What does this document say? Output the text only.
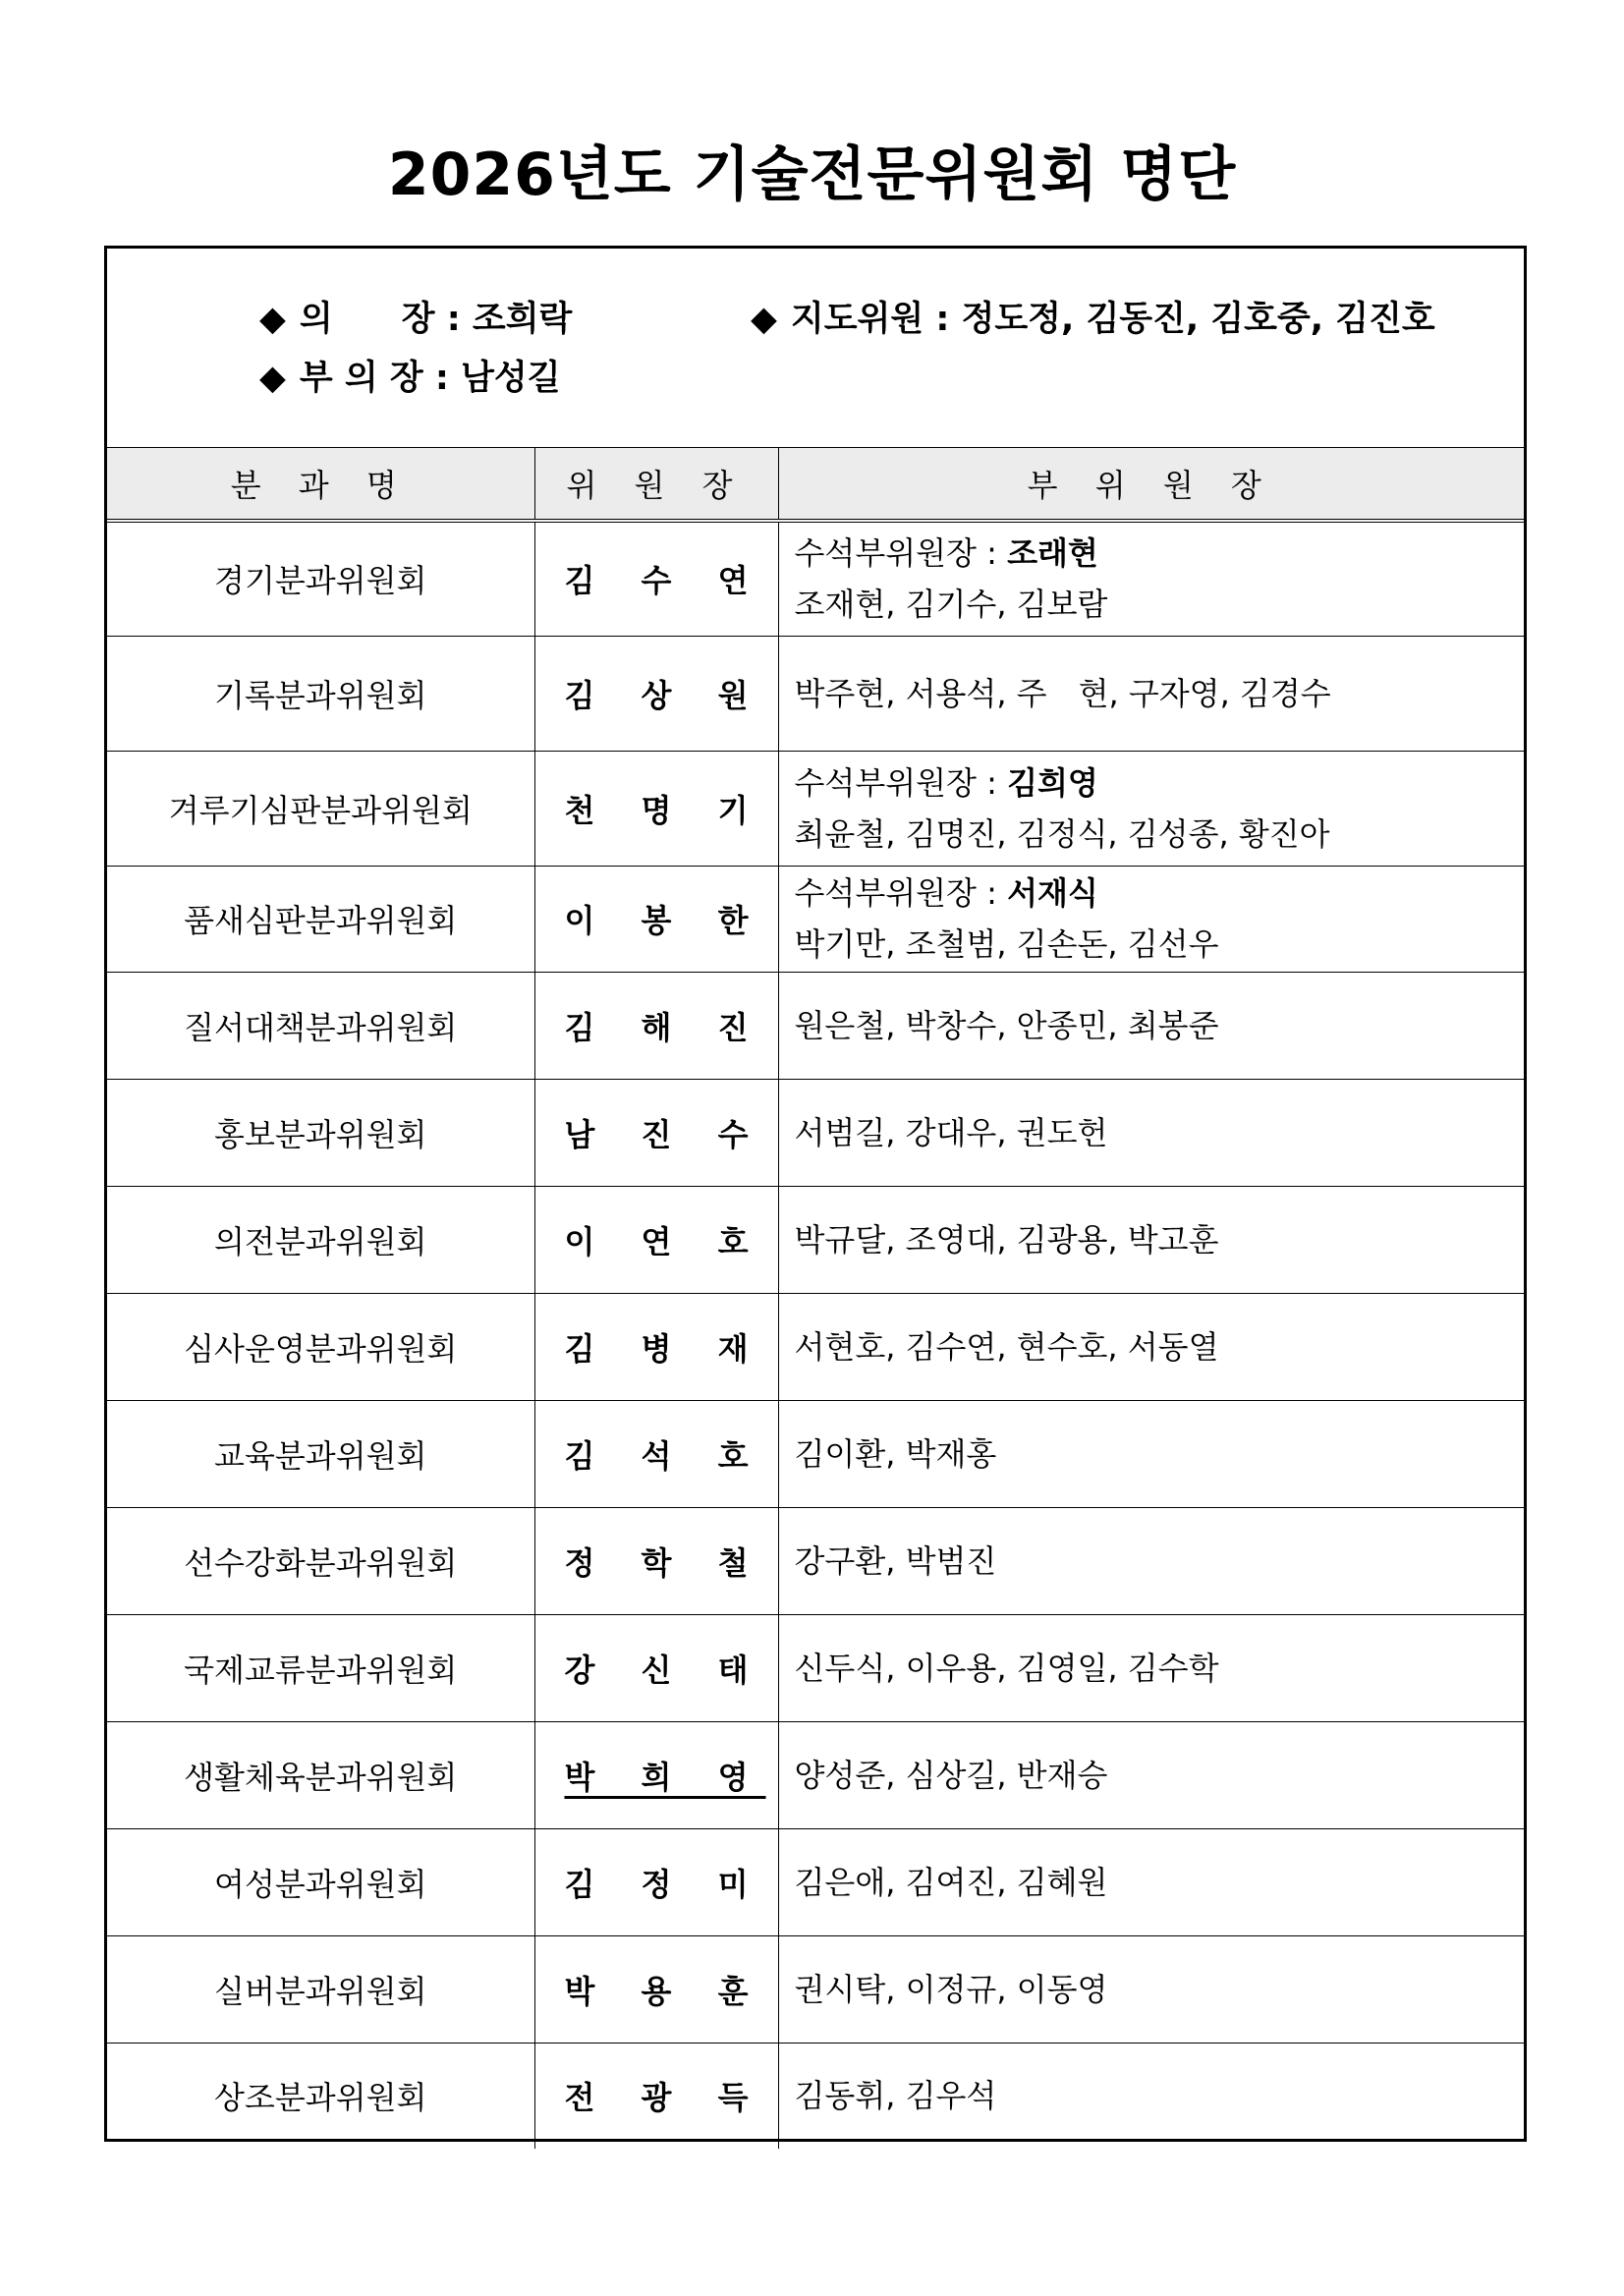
2026년도 기술전문위원회 명단
◆ 의　　장 : 조희락	◆ 지도위원 : 정도정, 김동진, 김호중, 김진호
◆ 부 의 장 : 남성길
분 과 명	위 원 장	부 위 원 장
경기분과위원회	김 수 연	수석부위원장 : 조래현
조재현, 김기수, 김보람

기록분과위원회	김 상 원	박주현, 서용석, 주　현, 구자영, 김경수

겨루기심판분과위원회	천 명 기	수석부위원장 : 김희영
최윤철, 김명진, 김정식, 김성종, 황진아

품새심판분과위원회	이 봉 한	수석부위원장 : 서재식
박기만, 조철범, 김손돈, 김선우

질서대책분과위원회	김 해 진	원은철, 박창수, 안종민, 최봉준

홍보분과위원회	남 진 수	서범길, 강대우, 권도헌

의전분과위원회	이 연 호	박규달, 조영대, 김광용, 박고훈

심사운영분과위원회	김 병 재	서현호, 김수연, 현수호, 서동열

교육분과위원회	김 석 호	김이환, 박재홍

선수강화분과위원회	정 학 철	강구환, 박범진

국제교류분과위원회	강 신 태	신두식, 이우용, 김영일, 김수학

생활체육분과위원회	박 희 영	양성준, 심상길, 반재승

여성분과위원회	김 정 미	김은애, 김여진, 김혜원

실버분과위원회	박 용 훈	권시탁, 이정규, 이동영

상조분과위원회	전 광 득	김동휘, 김우석
